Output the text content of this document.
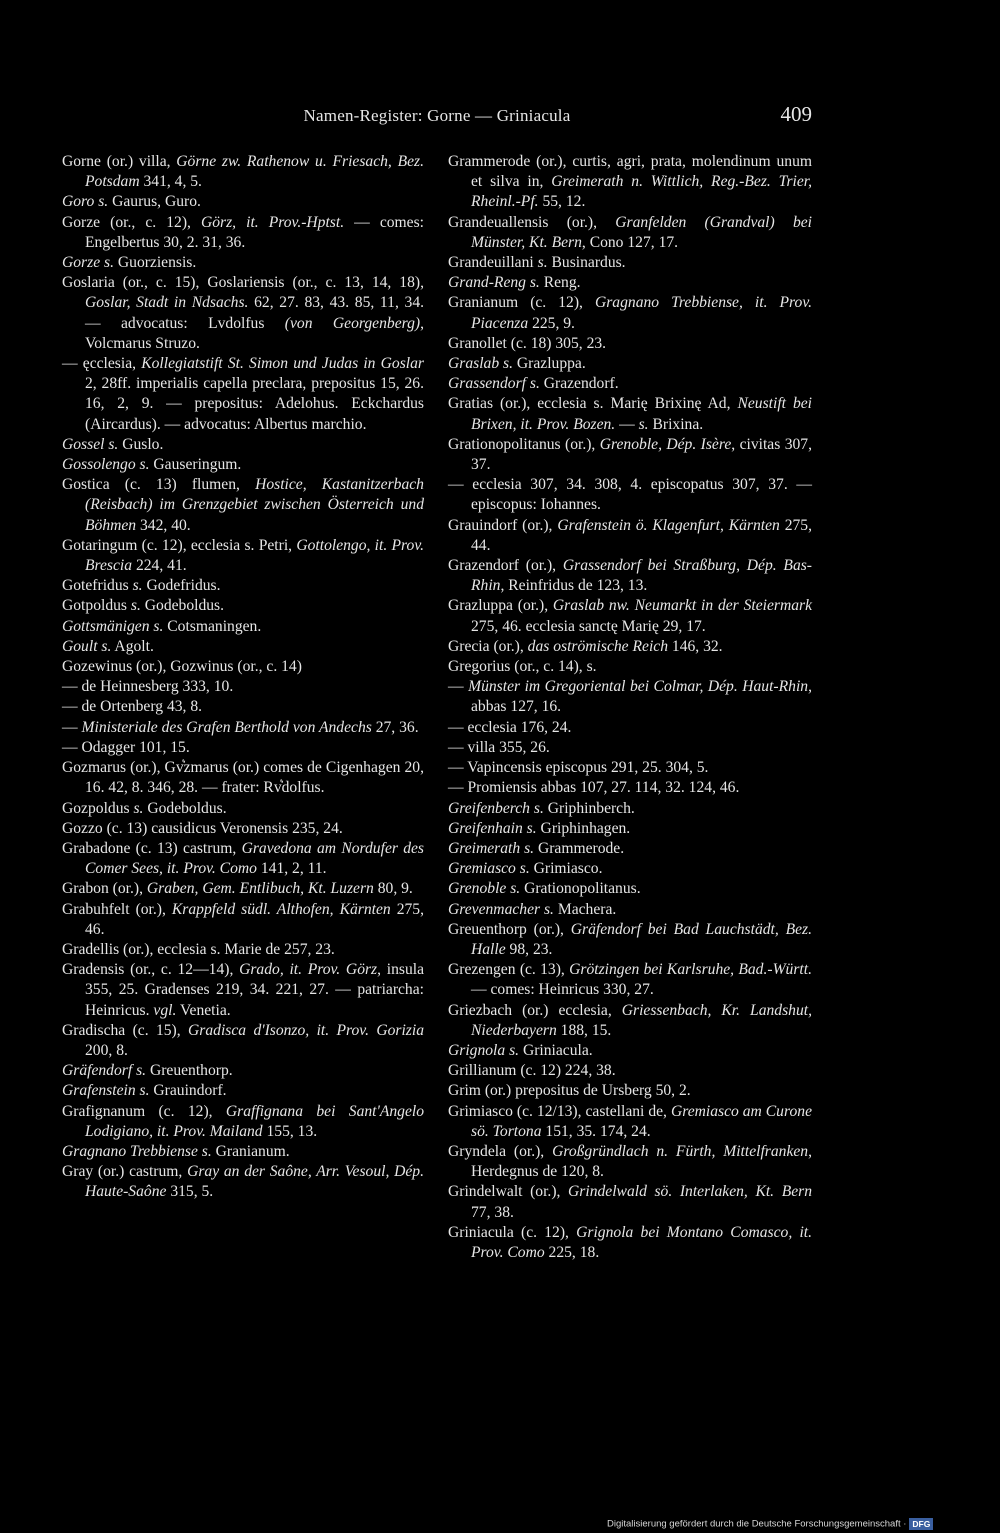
Namen-Register: Gorne — Griniacula	409

Gorne (or.) villa, Görne zw. Rathenow u. Friesach, Bez. Potsdam 341, 4, 5.

Goro s. Gaurus, Guro.

Gorze (or., c. 12), Görz, it. Prov.-Hptst. — comes: Engelbertus 30, 2. 31, 36.

Gorze s. Guorziensis.

Goslaria (or., c. 15), Goslariensis (or., c. 13, 14, 18), Goslar, Stadt in Ndsachs. 62, 27. 83, 43. 85, 11, 34. — advocatus: Lvdolfus (von Georgenberg), Volcmarus Struzo.

— ęcclesia, Kollegiatstift St. Simon und Judas in Goslar 2, 28ff. imperialis capella preclara, prepositus 15, 26. 16, 2, 9. — prepositus: Adelohus. Eckchardus (Aircardus). — advocatus: Albertus marchio.

Gossel s. Guslo.

Gossolengo s. Gauseringum.

Gostica (c. 13) flumen, Hostice, Kastanitzerbach (Reisbach) im Grenzgebiet zwischen Österreich und Böhmen 342, 40.

Gotaringum (c. 12), ecclesia s. Petri, Gottolengo, it. Prov. Brescia 224, 41.

Gotefridus s. Godefridus.

Gotpoldus s. Godeboldus.

Gottsmänigen s. Cotsmaningen.

Goult s. Agolt.

Gozewinus (or.), Gozwinus (or., c. 14)

— de Heinnesberg 333, 10.

— de Ortenberg 43, 8.

— Ministeriale des Grafen Berthold von Andechs 27, 36.

— Odagger 101, 15.

Gozmarus (or.), Gv͛zmarus (or.) comes de Cigenhagen 20, 16. 42, 8. 346, 28. — frater: Rv͛dolfus.

Gozpoldus s. Godeboldus.

Gozzo (c. 13) causidicus Veronensis 235, 24.

Grabadone (c. 13) castrum, Gravedona am Nordufer des Comer Sees, it. Prov. Como 141, 2, 11.

Grabon (or.), Graben, Gem. Entlibuch, Kt. Luzern 80, 9.

Grabuhfelt (or.), Krappfeld südl. Althofen, Kärnten 275, 46.

Gradellis (or.), ecclesia s. Marie de 257, 23.

Gradensis (or., c. 12—14), Grado, it. Prov. Görz, insula 355, 25. Gradenses 219, 34. 221, 27. — patriarcha: Heinricus. vgl. Venetia.

Gradischa (c. 15), Gradisca d'Isonzo, it. Prov. Gorizia 200, 8.

Gräfendorf s. Greuenthorp.

Grafenstein s. Grauindorf.

Grafignanum (c. 12), Graffignana bei Sant'Angelo Lodigiano, it. Prov. Mailand 155, 13.

Gragnano Trebbiense s. Granianum.

Gray (or.) castrum, Gray an der Saône, Arr. Vesoul, Dép. Haute-Saône 315, 5.

Grammerode (or.), curtis, agri, prata, molendinum unum et silva in, Greimerath n. Wittlich, Reg.-Bez. Trier, Rheinl.-Pf. 55, 12.

Grandeuallensis (or.), Granfelden (Grandval) bei Münster, Kt. Bern, Cono 127, 17.

Grandeuillani s. Businardus.

Grand-Reng s. Reng.

Granianum (c. 12), Gragnano Trebbiense, it. Prov. Piacenza 225, 9.

Granollet (c. 18) 305, 23.

Graslab s. Grazluppa.

Grassendorf s. Grazendorf.

Gratias (or.), ecclesia s. Marię Brixinę Ad, Neustift bei Brixen, it. Prov. Bozen. — s. Brixina.

Grationopolitanus (or.), Grenoble, Dép. Isère, civitas 307, 37.

— ecclesia 307, 34. 308, 4. episcopatus 307, 37. — episcopus: Iohannes.

Grauindorf (or.), Grafenstein ö. Klagenfurt, Kärnten 275, 44.

Grazendorf (or.), Grassendorf bei Straßburg, Dép. Bas-Rhin, Reinfridus de 123, 13.

Grazluppa (or.), Graslab nw. Neumarkt in der Steiermark 275, 46. ecclesia sanctę Marię 29, 17.

Grecia (or.), das oströmische Reich 146, 32.

Gregorius (or., c. 14), s.

— Münster im Gregoriental bei Colmar, Dép. Haut-Rhin, abbas 127, 16.

— ecclesia 176, 24.

— villa 355, 26.

— Vapincensis episcopus 291, 25. 304, 5.

— Promiensis abbas 107, 27. 114, 32. 124, 46.

Greifenberch s. Griphinberch.

Greifenhain s. Griphinhagen.

Greimerath s. Grammerode.

Gremiasco s. Grimiasco.

Grenoble s. Grationopolitanus.

Grevenmacher s. Machera.

Greuenthorp (or.), Gräfendorf bei Bad Lauchstädt, Bez. Halle 98, 23.

Grezengen (c. 13), Grötzingen bei Karlsruhe, Bad.-Württ. — comes: Heinricus 330, 27.

Griezbach (or.) ecclesia, Griessenbach, Kr. Landshut, Niederbayern 188, 15.

Grignola s. Griniacula.

Grillianum (c. 12) 224, 38.

Grim (or.) prepositus de Ursberg 50, 2.

Grimiasco (c. 12/13), castellani de, Gremiasco am Curone sö. Tortona 151, 35. 174, 24.

Gryndela (or.), Großgründlach n. Fürth, Mittelfranken, Herdegnus de 120, 8.

Grindelwalt (or.), Grindelwald sö. Interlaken, Kt. Bern 77, 38.

Griniacula (c. 12), Grignola bei Montano Comasco, it. Prov. Como 225, 18.

Digitalisierung gefördert durch die Deutsche Forschungsgemeinschaft · DFG
